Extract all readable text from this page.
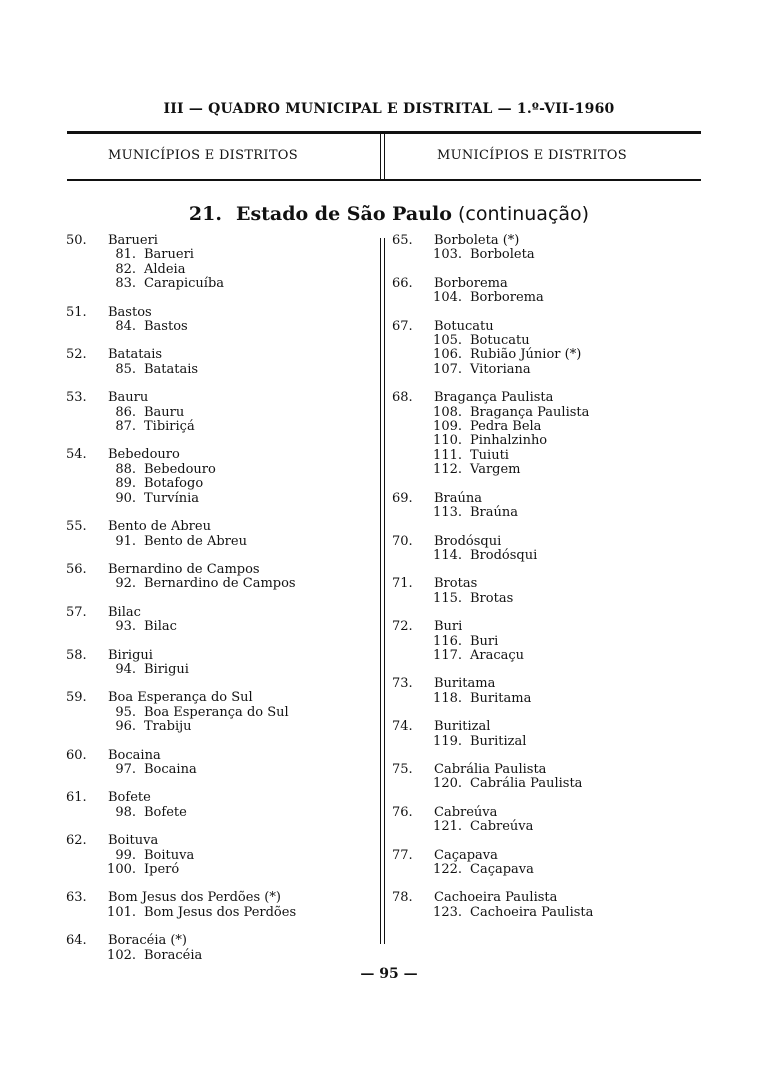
III — QUADRO MUNICIPAL E DISTRITAL — 1.º-VII-1960
MUNICÍPIOS E DISTRITOS	MUNICÍPIOS E DISTRITOS
21. Estado de São Paulo (continuação)
50.	Barueri
81. Barueri
82. Aldeia
83. Carapicuíba
51.	Bastos
84. Bastos
52.	Batatais
85. Batatais
53.	Bauru
86. Bauru
87. Tibiriçá
54.	Bebedouro
88. Bebedouro
89. Botafogo
90. Turvínia
55.	Bento de Abreu
91. Bento de Abreu
56.	Bernardino de Campos
92. Bernardino de Campos
57.	Bilac
93. Bilac
58.	Birigui
94. Birigui
59.	Boa Esperança do Sul
95. Boa Esperança do Sul
96. Trabiju
60.	Bocaina
97. Bocaina
61.	Bofete
98. Bofete
62.	Boituva
99. Boituva
100. Iperó
63.	Bom Jesus dos Perdões (*)
101. Bom Jesus dos Perdões
64.	Boracéia (*)
102. Boracéia
65.	Borboleta (*)
103. Borboleta
66.	Borborema
104. Borborema
67.	Botucatu
105. Botucatu
106. Rubião Júnior (*)
107. Vitoriana
68.	Bragança Paulista
108. Bragança Paulista
109. Pedra Bela
110. Pinhalzinho
111. Tuiuti
112. Vargem
69.	Braúna
113. Braúna
70.	Brodósqui
114. Brodósqui
71.	Brotas
115. Brotas
72.	Buri
116. Buri
117. Aracaçu
73.	Buritama
118. Buritama
74.	Buritizal
119. Buritizal
75.	Cabrália Paulista
120. Cabrália Paulista
76.	Cabreúva
121. Cabreúva
77.	Caçapava
122. Caçapava
78.	Cachoeira Paulista
123. Cachoeira Paulista
— 95 —
